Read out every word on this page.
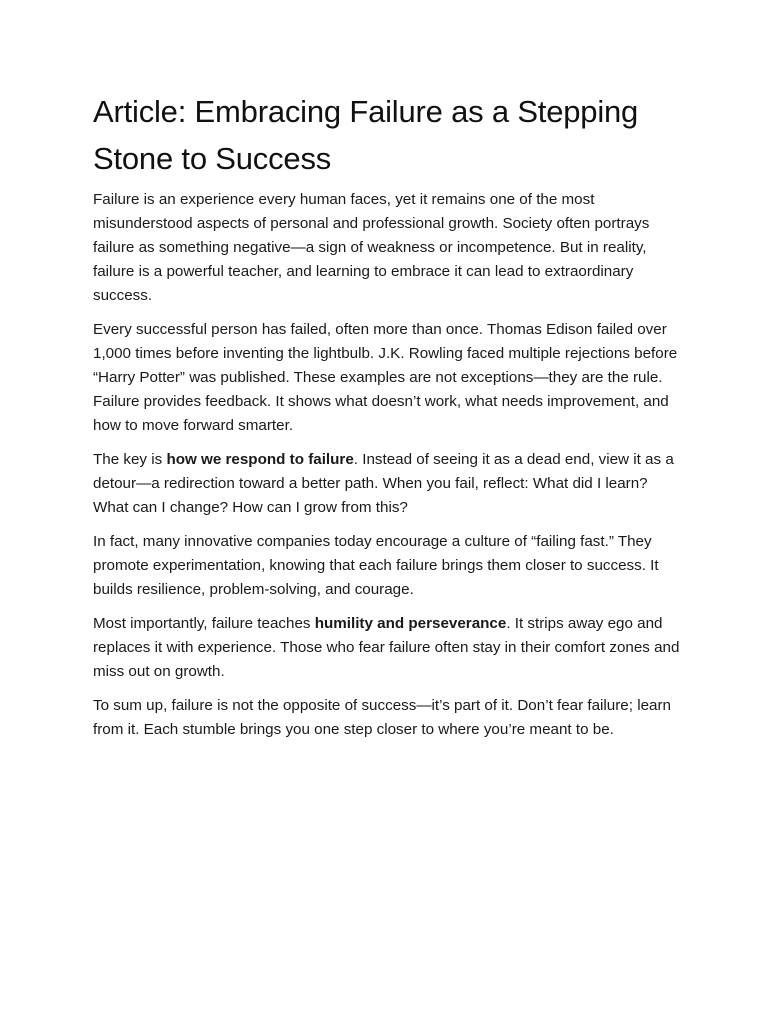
Article: Embracing Failure as a Stepping Stone to Success

Failure is an experience every human faces, yet it remains one of the most misunderstood aspects of personal and professional growth. Society often portrays failure as something negative—a sign of weakness or incompetence. But in reality, failure is a powerful teacher, and learning to embrace it can lead to extraordinary success.

Every successful person has failed, often more than once. Thomas Edison failed over 1,000 times before inventing the lightbulb. J.K. Rowling faced multiple rejections before “Harry Potter” was published. These examples are not exceptions—they are the rule. Failure provides feedback. It shows what doesn’t work, what needs improvement, and how to move forward smarter.

The key is how we respond to failure. Instead of seeing it as a dead end, view it as a detour—a redirection toward a better path. When you fail, reflect: What did I learn? What can I change? How can I grow from this?

In fact, many innovative companies today encourage a culture of “failing fast.” They promote experimentation, knowing that each failure brings them closer to success. It builds resilience, problem-solving, and courage.

Most importantly, failure teaches humility and perseverance. It strips away ego and replaces it with experience. Those who fear failure often stay in their comfort zones and miss out on growth.

To sum up, failure is not the opposite of success—it’s part of it. Don’t fear failure; learn from it. Each stumble brings you one step closer to where you’re meant to be.
